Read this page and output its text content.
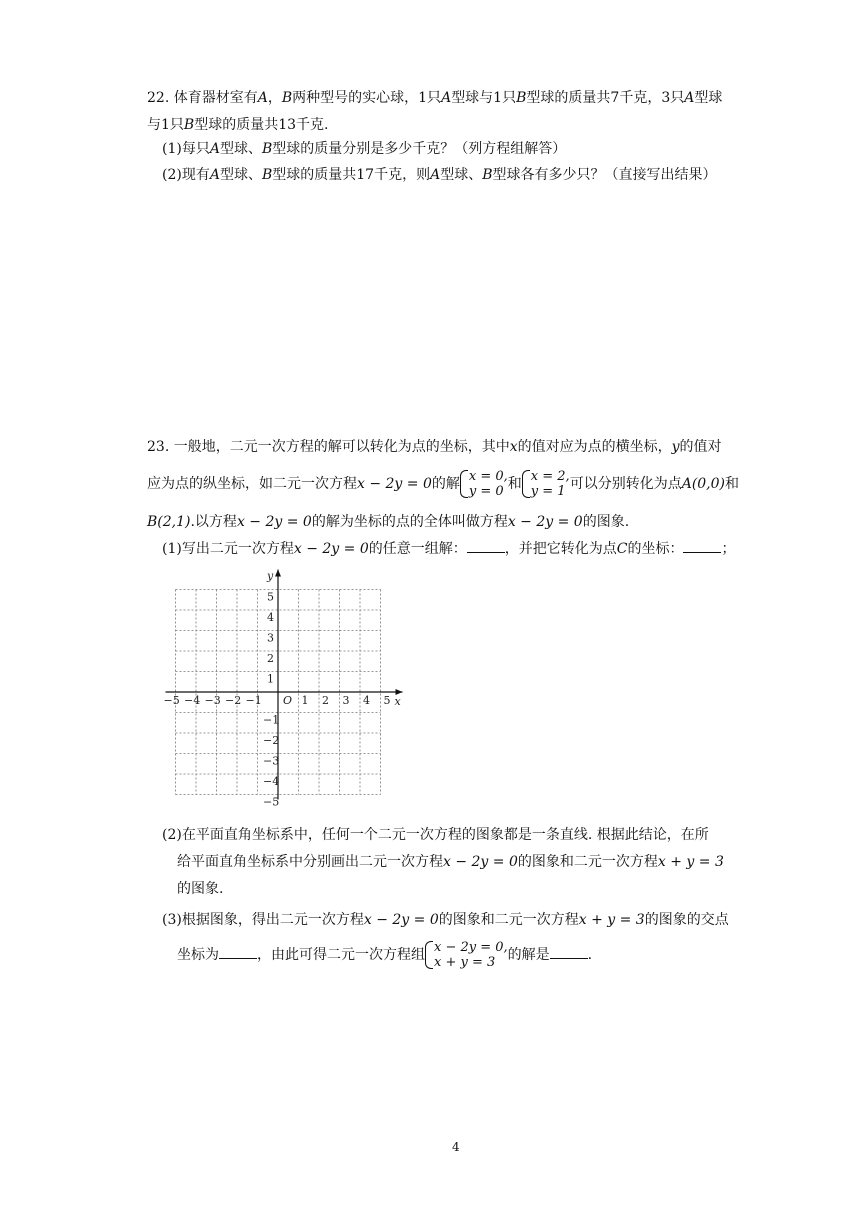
22. 体育器材室有A，B两种型号的实心球，1只A型球与1只B型球的质量共7千克，3只A型球
与1只B型球的质量共13千克.
(1)每只A型球、B型球的质量分别是多少千克？（列方程组解答）
(2)现有A型球、B型球的质量共17千克，则A型球、B型球各有多少只？（直接写出结果）
23. 一般地，二元一次方程的解可以转化为点的坐标，其中x的值对应为点的横坐标，y的值对
应为点的纵坐标，如二元一次方程x − 2y = 0的解 x = 0,
y = 0 和 x = 2,
y = 1 可以分别转化为点A(0,0)和
B(2,1).以方程x − 2y = 0的解为坐标的点的全体叫做方程x − 2y = 0的图象.
(1)写出二元一次方程x − 2y = 0的任意一组解：	，并把它转化为点C的坐标：	；
−5 −4 −3 −2 −1	1 2 3 4 5
5
4
3
2
1
−1
−2
−3
−4
−5
O	x
y
(2)在平面直角坐标系中，任何一个二元一次方程的图象都是一条直线. 根据此结论，在所
给平面直角坐标系中分别画出二元一次方程x − 2y = 0的图象和二元一次方程x + y = 3
的图象.
(3)根据图象，得出二元一次方程x − 2y = 0的图象和二元一次方程x + y = 3的图象的交点
坐标为	，由此可得二元一次方程组 x − 2y = 0,
x + y = 3 的解是	.
4
